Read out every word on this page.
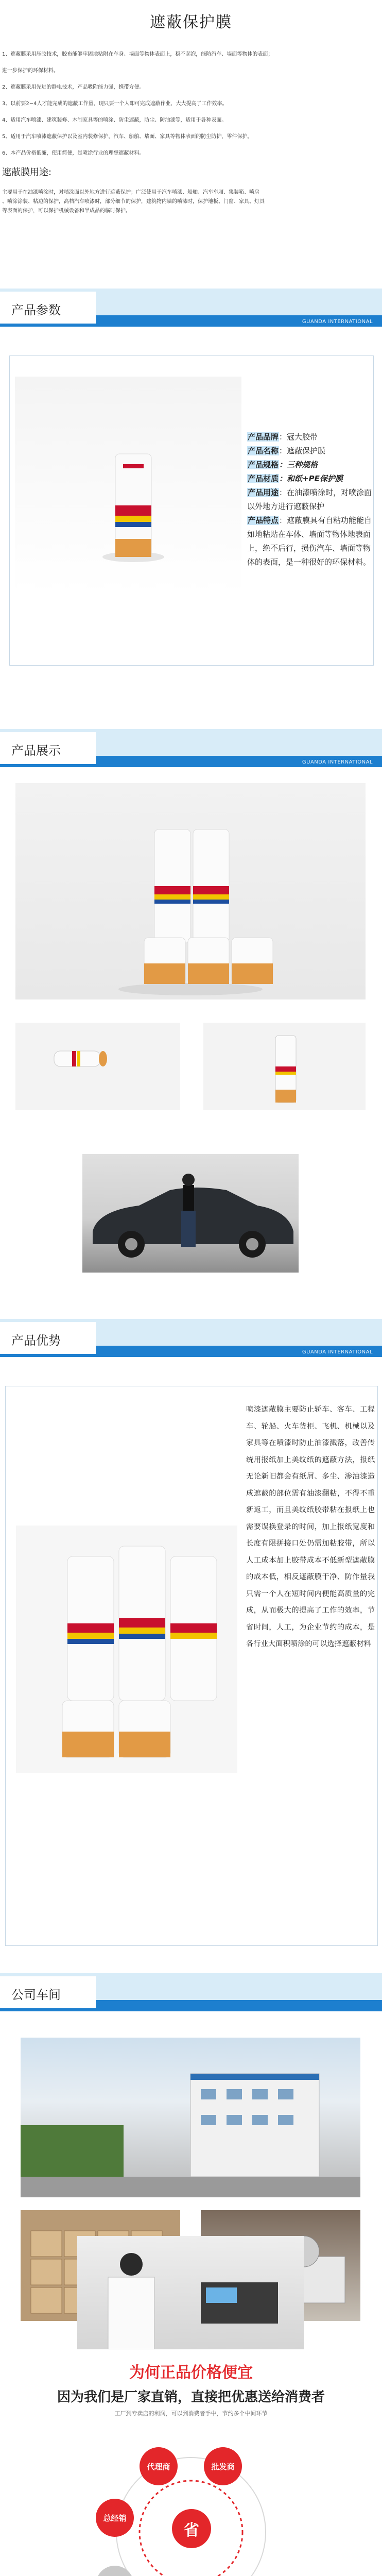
遮蔽保护膜

1、遮蔽膜采用压胶技术，胶布能够牢固地粘附在车身、墙面等物体表面上，稳不起泡，能防汽车、墙面等物体的表面；

进一步保护的环保材料。

2、遮蔽膜采用先进的静电技术，产品吸附能力强，携带方便。

3、以前要2~4人才能完成的遮蔽工作量，现只要一个人即可完成遮蔽作业，大大提高了工作效率。

4、适用汽车喷漆、建筑装修、木制家具等的喷涂、防尘遮蔽，防尘、防油漆等，适用于各种表面。

5、适用于汽车喷漆遮蔽保护以及室内装修保护，汽车、船舶、墙面、家具等物体表面的防尘防护，零件保护。

6、本产品价格低廉，使用简便，是喷涂行业的理想遮蔽材料。

遮蔽膜用途:
主要用于在油漆喷涂时，对喷涂面以外地方进行遮蔽保护；广泛使用于汽车喷漆、船舶、汽车车厢、集装箱、喷房
、喷涂涂装、粘边的保护，高档汽车喷漆时，部分细节的保护，建筑物内墙的喷漆时，保护地板、门窗、家具、灯具
等表面的保护，可以保护机械设备和半成品的临时保护。
产品参数
GUANDA INTERNATIONAL
产品品牌：冠大胶带
产品名称：遮蔽保护膜
产品规格：三种规格
产品材质：和纸+PE保护膜
产品用途：在油漆喷涂时，对喷涂面以外地方进行遮蔽保护
产品特点：遮蔽膜具有自粘功能能自如地粘贴在车体、墙面等物体地表面上，绝不后行，损伤汽车、墙面等物体的表面，是一种很好的环保材料。
产品展示
GUANDA INTERNATIONAL
产品优势
GUANDA INTERNATIONAL
喷漆遮蔽膜主要防止轿车、客车、工程车、轮船、火车货柜、飞机、机械以及家具等在喷漆时防止油漆溅落，改善传统用报纸加上美纹纸的遮蔽方法，报纸无论新旧都会有纸屑、多尘、渗油漆造成遮蔽的部位需有油漆翻粘，不得不重新返工，而且美纹纸胶带粘在报纸上也需要误换登录的时间，加上报纸宽度和长度有限拼接口处仍需加粘胶带，所以人工成本加上胶带成本不低新型遮蔽膜的成本低，相反遮蔽膜干净、防作量我只需一个人在短时间内便能高质量的完成，从而极大的提高了工作的效率，节省时间，人工，为企业节约的成本，是各行业大面积喷涂的可以选择遮蔽材料
公司车间
为何正品价格便宜
因为我们是厂家直销，直接把优惠送给消费者
工厂到专卖店的利润，可以到消费者手中，节约多个中间环节
省
代理商	批发商
总经销
